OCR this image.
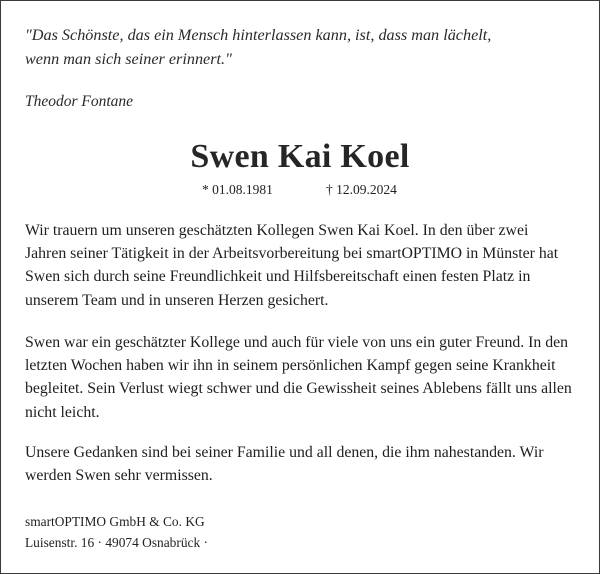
"Das Schönste, das ein Mensch hinterlassen kann, ist, dass man lächelt,
wenn man sich seiner erinnert."
Theodor Fontane
Swen Kai Koel
* 01.08.1981	† 12.09.2024
Wir trauern um unseren geschätzten Kollegen Swen Kai Koel. In den über zwei
Jahren seiner Tätigkeit in der Arbeitsvorbereitung bei smartOPTIMO in Münster hat
Swen sich durch seine Freundlichkeit und Hilfsbereitschaft einen festen Platz in
unserem Team und in unseren Herzen gesichert.
Swen war ein geschätzter Kollege und auch für viele von uns ein guter Freund. In den
letzten Wochen haben wir ihn in seinem persönlichen Kampf gegen seine Krankheit
begleitet. Sein Verlust wiegt schwer und die Gewissheit seines Ablebens fällt uns allen
nicht leicht.
Unsere Gedanken sind bei seiner Familie und all denen, die ihm nahestanden. Wir
werden Swen sehr vermissen.
smartOPTIMO GmbH & Co. KG
Luisenstr. 16 · 49074 Osnabrück ·
